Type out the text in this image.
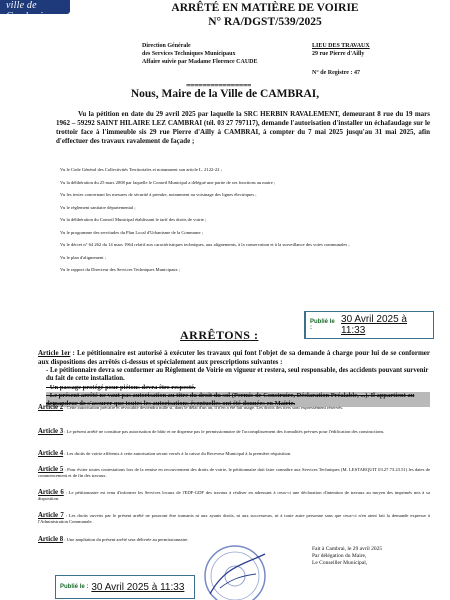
ville de Cambrai
ARRÊTÉ EN MATIÈRE DE VOIRIE
N° RA/DGST/539/2025
Direction Générale
des Services Techniques Municipaux
Affaire suivie par Madame Florence CAUDE
LIEU DES TRAVAUX
29 rue Pierre d'Ailly
N° de Registre : 47
================
Nous, Maire de la Ville de CAMBRAI,
Vu la pétition en date du 29 avril 2025 par laquelle la SRC HERBIN RAVALEMENT, demeurant 8 rue du 19 mars 1962 – 59292 SAINT HILAIRE LEZ CAMBRAI (tél. 03 27 797117), demande l'autorisation d'installer un échafaudage sur le trottoir face à l'immeuble sis 29 rue Pierre d'Ailly à CAMBRAI, à compter du 7 mai 2025 jusqu'au 31 mai 2025, afin d'effectuer des travaux ravalement de façade ;
Vu le Code Général des Collectivités Territoriales et notamment son article L. 2122-22 ;
Vu la délibération du 25 mars 2008 par laquelle le Conseil Municipal a délégué une partie de ses fonctions au maire ;
Vu les textes concernant les mesures de sécurité à prendre, notamment au voisinage des lignes électriques ;
Vu le règlement sanitaire départemental ;
Vu la délibération du Conseil Municipal établissant le tarif des droits de voirie ;
Vu le programme des servitudes du Plan Local d'Urbanisme de la Commune ;
Vu le décret n° 64 262 du 14 mars 1964 relatif aux caractéristiques techniques, aux alignements, à la conservation et à la surveillance des voies communales ;
Vu le plan d'alignement ;
Vu le rapport du Directeur des Services Techniques Municipaux ;
Publié le :
30 Avril 2025 à 11:33
ARRÊTONS :
Article 1er : Le pétitionnaire est autorisé à exécuter les travaux qui font l'objet de sa demande à charge pour lui de se conformer aux dispositions des arrêtés ci-dessus et spécialement aux prescriptions suivantes :
- Le pétitionnaire devra se conformer au Règlement de Voirie en vigueur et restera, seul responsable, des accidents pouvant survenir du fait de cette installation.
- Un passage protégé pour piétons devra être respecté.
- Le présent arrêté ne vaut pas autorisation au titre du droit du sol (Permis de Construire, Déclaration Préalable, ...). Il appartient au demandeur de s'assurer que toutes les autorisations éventuelles ont été données en Mairie.
Article 2 : Cette autorisation précaire et révocable deviendra nulle si, dans le délai d'un an, il n'en a été fait usage. Les droits des tiers sont expressément réservés.
Article 3 : Le présent arrêté ne constitue pas autorisation de bâtir et ne dispense pas le permissionnaire de l'accomplissement des formalités prévues pour l'édification des constructions.
Article 4 : Les droits de voirie afférents à cette autorisation seront versés à la caisse du Receveur Municipal à la première réquisition.
Article 5 : Pour éviter toutes contestations lors de la remise en recouvrement des droits de voirie, le pétitionnaire doit faire connaître aux Services Techniques (M. LESTARQUIT 03.27.73.23.51) les dates de commencement et de fin des travaux.
Article 6 : Le pétitionnaire est tenu d'informer les Services locaux de l'EDF-GDF des travaux à réaliser en adressant à ceux-ci une déclaration d'intention de travaux au moyen des imprimés mis à sa disposition.
Article 7 : Les droits ouverts par le présent arrêté ne pourront être transmis ni aux ayants droits, ni aux successeurs, ni à toute autre personne sans que ceux-ci n'en aient fait la demande expresse à l'Administration Communale.
Article 8 : Une ampliation du présent arrêté sera délivrée au permissionnaire.
Fait à Cambrai, le 29 avril 2025
Par délégation du Maire,
Le Conseiller Municipal,
Publié le : 30 Avril 2025 à 11:33
